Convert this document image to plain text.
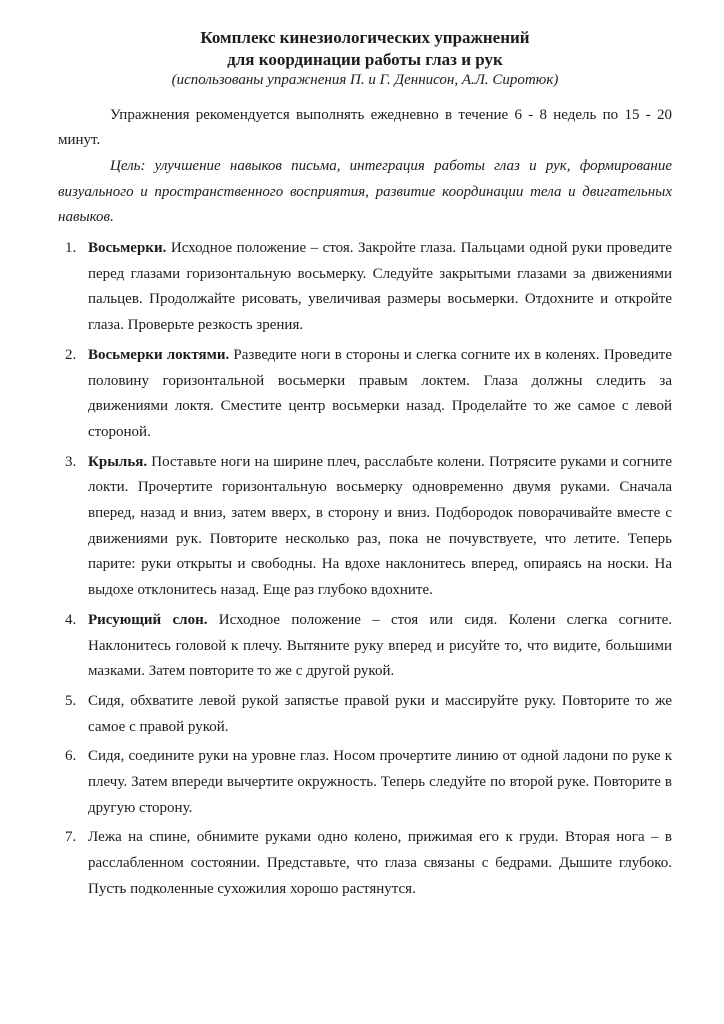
Комплекс кинезиологических упражнений
для координации работы глаз и рук
(использованы упражнения П. и Г. Деннисон, А.Л. Сиротюк)

Упражнения рекомендуется выполнять ежедневно в течение 6 - 8 недель по 15 - 20 минут.

Цель: улучшение навыков письма, интеграция работы глаз и рук, формирование визуального и пространственного восприятия, развитие координации тела и двигательных навыков.

1. Восьмерки. Исходное положение – стоя. Закройте глаза. Пальцами одной руки проведите перед глазами горизонтальную восьмерку. Следуйте закрытыми глазами за движениями пальцев. Продолжайте рисовать, увеличивая размеры восьмерки. Отдохните и откройте глаза. Проверьте резкость зрения.
2. Восьмерки локтями. Разведите ноги в стороны и слегка согните их в коленях. Проведите половину горизонтальной восьмерки правым локтем. Глаза должны следить за движениями локтя. Сместите центр восьмерки назад. Проделайте то же самое с левой стороной.
3. Крылья. Поставьте ноги на ширине плеч, расслабьте колени. Потрясите руками и согните локти. Прочертите горизонтальную восьмерку одновременно двумя руками. Сначала вперед, назад и вниз, затем вверх, в сторону и вниз. Подбородок поворачивайте вместе с движениями рук. Повторите несколько раз, пока не почувствуете, что летите. Теперь парите: руки открыты и свободны. На вдохе наклонитесь вперед, опираясь на носки. На выдохе отклонитесь назад. Еще раз глубоко вдохните.
4. Рисующий слон. Исходное положение – стоя или сидя. Колени слегка согните. Наклонитесь головой к плечу. Вытяните руку вперед и рисуйте то, что видите, большими мазками. Затем повторите то же с другой рукой.
5. Сидя, обхватите левой рукой запястье правой руки и массируйте руку. Повторите то же самое с правой рукой.
6. Сидя, соедините руки на уровне глаз. Носом прочертите линию от одной ладони по руке к плечу. Затем впереди вычертите окружность. Теперь следуйте по второй руке. Повторите в другую сторону.
7. Лежа на спине, обнимите руками одно колено, прижимая его к груди. Вторая нога – в расслабленном состоянии. Представьте, что глаза связаны с бедрами. Дышите глубоко. Пусть подколенные сухожилия хорошо растянутся.
